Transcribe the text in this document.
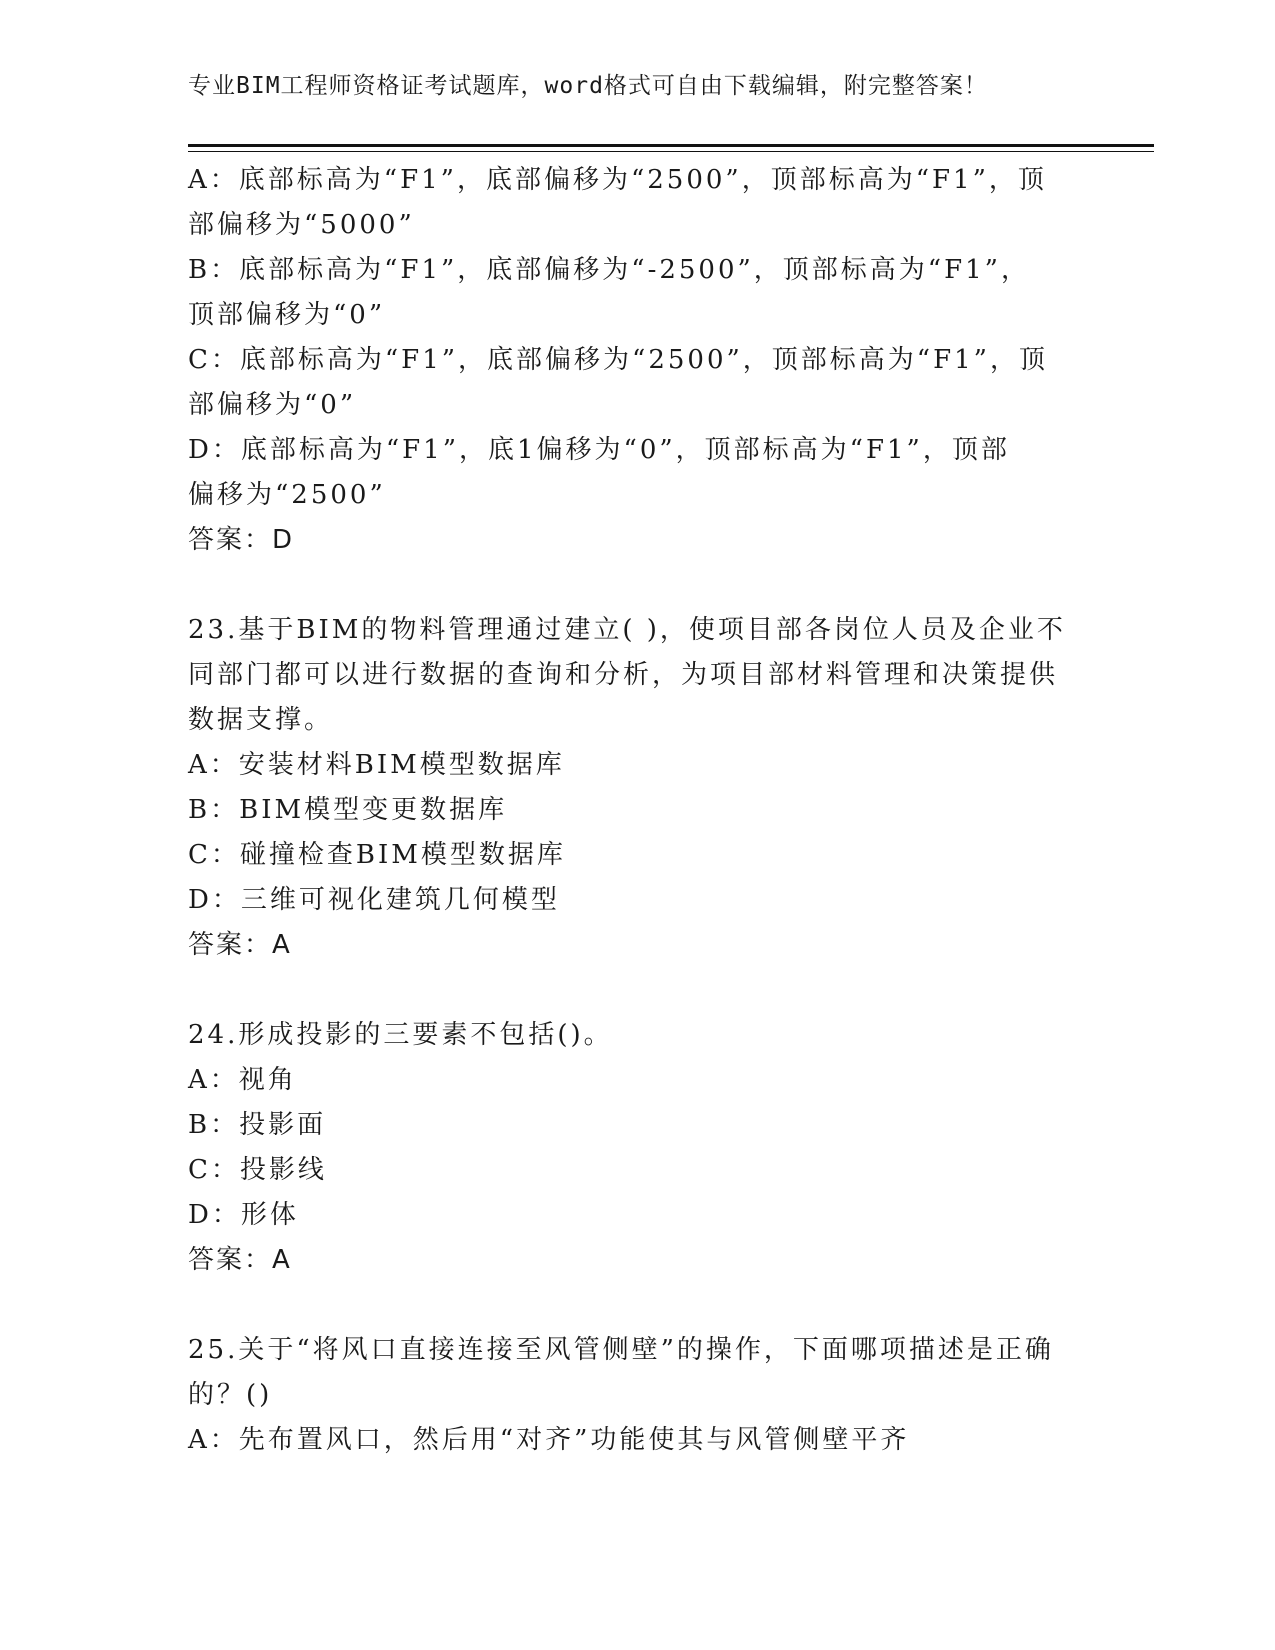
专业BIM工程师资格证考试题库，word格式可自由下载编辑，附完整答案！
A：底部标高为“F1”，底部偏移为“2500”，顶部标高为“F1”，顶
部偏移为“5000”
B：底部标高为“F1”，底部偏移为“-2500”，顶部标高为“F1”，
顶部偏移为“0”
C：底部标高为“F1”，底部偏移为“2500”，顶部标高为“F1”，顶
部偏移为“0”
D：底部标高为“F1”，底1偏移为“0”，顶部标高为“F1”，顶部
偏移为“2500”
答案：D
23.基于BIM的物料管理通过建立( )，使项目部各岗位人员及企业不
同部门都可以进行数据的查询和分析，为项目部材料管理和决策提供
数据支撑。
A：安装材料BIM模型数据库
B：BIM模型变更数据库
C：碰撞检查BIM模型数据库
D：三维可视化建筑几何模型
答案：A
24.形成投影的三要素不包括()。
A：视角
B：投影面
C：投影线
D：形体
答案：A
25.关于“将风口直接连接至风管侧壁”的操作，下面哪项描述是正确
的？()
A：先布置风口，然后用“对齐”功能使其与风管侧壁平齐
